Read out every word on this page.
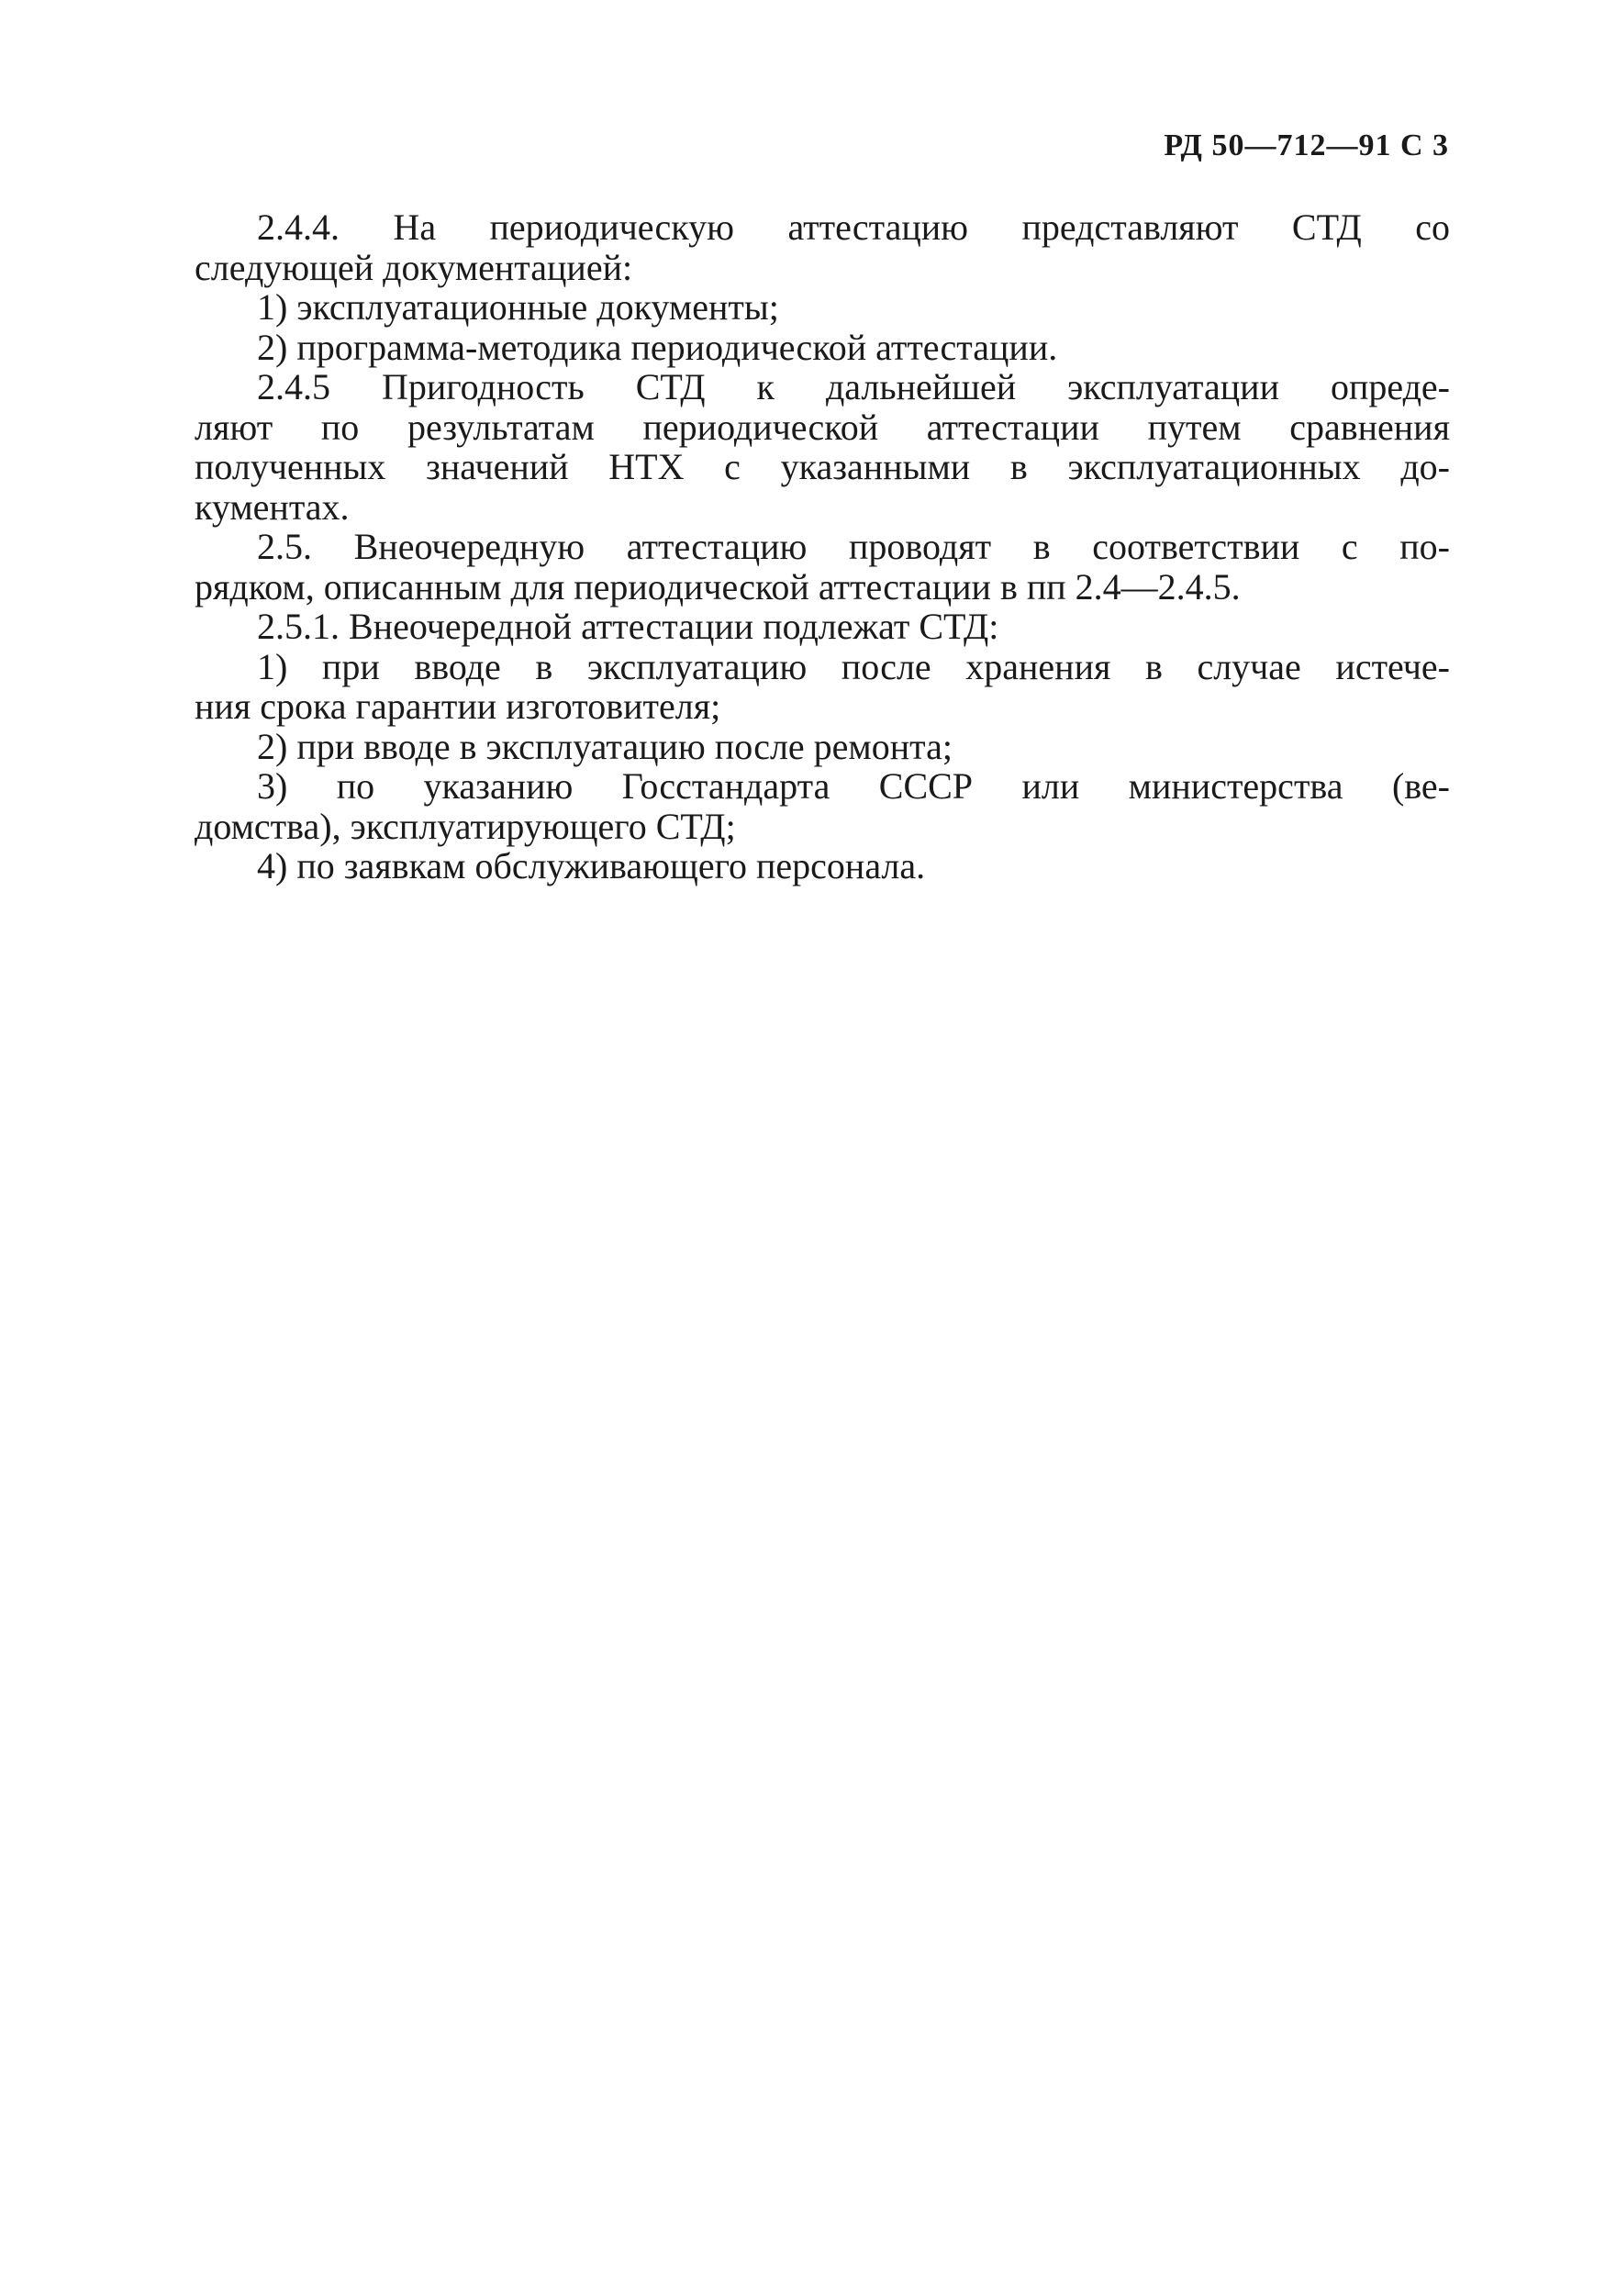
РД 50—712—91 С 3
2.4.4. На периодическую аттестацию представляют СТД со
следующей документацией:
1) эксплуатационные документы;
2) программа-методика периодической аттестации.
2.4.5 Пригодность СТД к дальнейшей эксплуатации опреде-
ляют по результатам периодической аттестации путем сравнения
полученных значений НТХ с указанными в эксплуатационных до-
кументах.
2.5. Внеочередную аттестацию проводят в соответствии с по-
рядком, описанным для периодической аттестации в пп 2.4—2.4.5.
2.5.1. Внеочередной аттестации подлежат СТД:
1) при вводе в эксплуатацию после хранения в случае истече-
ния срока гарантии изготовителя;
2) при вводе в эксплуатацию после ремонта;
3) по указанию Госстандарта СССР или министерства (ве-
домства), эксплуатирующего СТД;
4) по заявкам обслуживающего персонала.
